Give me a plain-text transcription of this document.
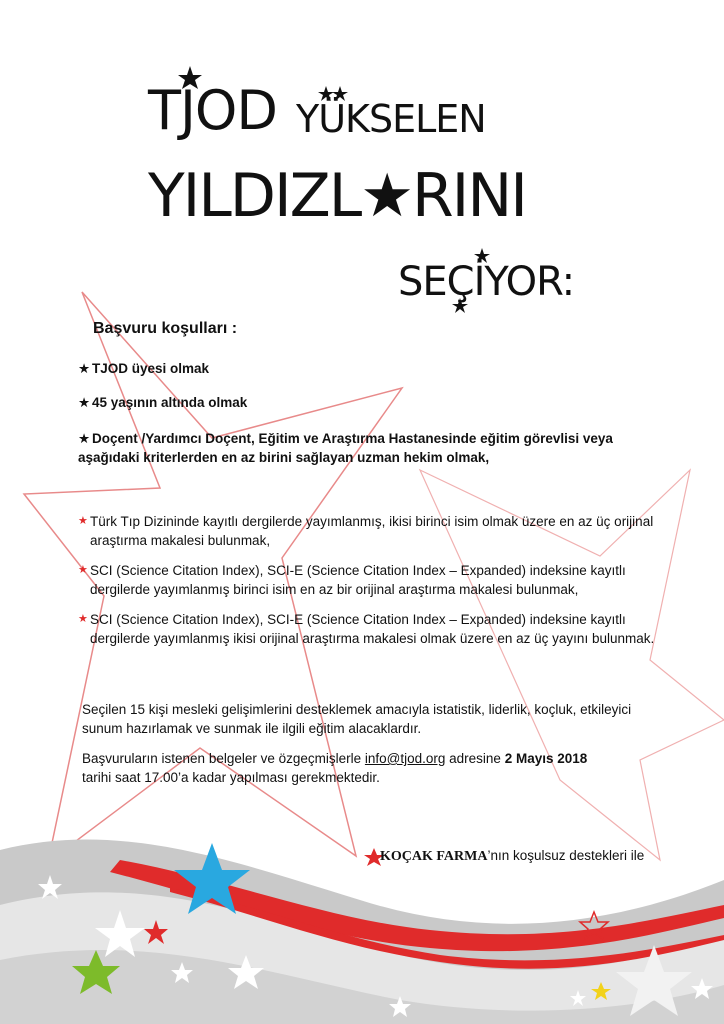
TJOD YÜKSELEN
YILDIZL★RINI
SEÇİYOR:
Başvuru koşulları :
★ TJOD üyesi olmak
★ 45 yaşının altında olmak
★ Doçent /Yardımcı Doçent, Eğitim ve Araştırma Hastanesinde eğitim görevlisi veya aşağıdaki kriterlerden en az birini sağlayan uzman hekim olmak,
★ Türk Tıp Dizininde kayıtlı dergilerde yayımlanmış, ikisi birinci isim olmak üzere en az üç orijinal araştırma makalesi bulunmak,
★ SCI (Science Citation Index), SCI-E (Science Citation Index – Expanded) indeksine kayıtlı dergilerde yayımlanmış birinci isim en az bir orijinal araştırma makalesi bulunmak,
★ SCI (Science Citation Index), SCI-E (Science Citation Index – Expanded) indeksine kayıtlı dergilerde yayımlanmış ikisi orijinal araştırma makalesi olmak üzere en az üç yayını bulunmak.
Seçilen 15 kişi mesleki gelişimlerini desteklemek amacıyla istatistik, liderlik, koçluk, etkileyici sunum hazırlamak ve sunmak ile ilgili eğitim alacaklardır.
Başvuruların istenen belgeler ve özgeçmişlerle info@tjod.org adresine 2 Mayıs 2018
tarihi saat 17.00’a kadar yapılması gerekmektedir.
KOÇAK FARMA’nın koşulsuz destekleri ile
